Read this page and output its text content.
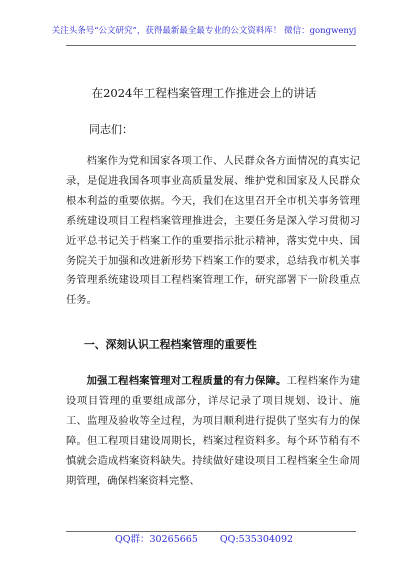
关注头条号“公文研究”，获得最新最全最专业的公文资料库！ 微信：gongwenyj
在2024年工程档案管理工作推进会上的讲话
同志们：

档案作为党和国家各项工作、人民群众各方面情况的真实记录，是促进我国各项事业高质量发展、维护党和国家及人民群众根本利益的重要依据。今天，我们在这里召开全市机关事务管理系统建设项目工程档案管理推进会，主要任务是深入学习贯彻习近平总书记关于档案工作的重要指示批示精神，落实党中央、国务院关于加强和改进新形势下档案工作的要求，总结我市机关事务管理系统建设项目工程档案管理工作，研究部署下一阶段重点任务。

一、深刻认识工程档案管理的重要性

加强工程档案管理对工程质量的有力保障。工程档案作为建设项目管理的重要组成部分，详尽记录了项目规划、设计、施工、监理及验收等全过程，为项目顺利进行提供了坚实有力的保障。但工程项目建设周期长，档案过程资料多。每个环节稍有不慎就会造成档案资料缺失。持续做好建设项目工程档案全生命周期管理，确保档案资料完整、

QQ群：30265665 QQ:535304092
